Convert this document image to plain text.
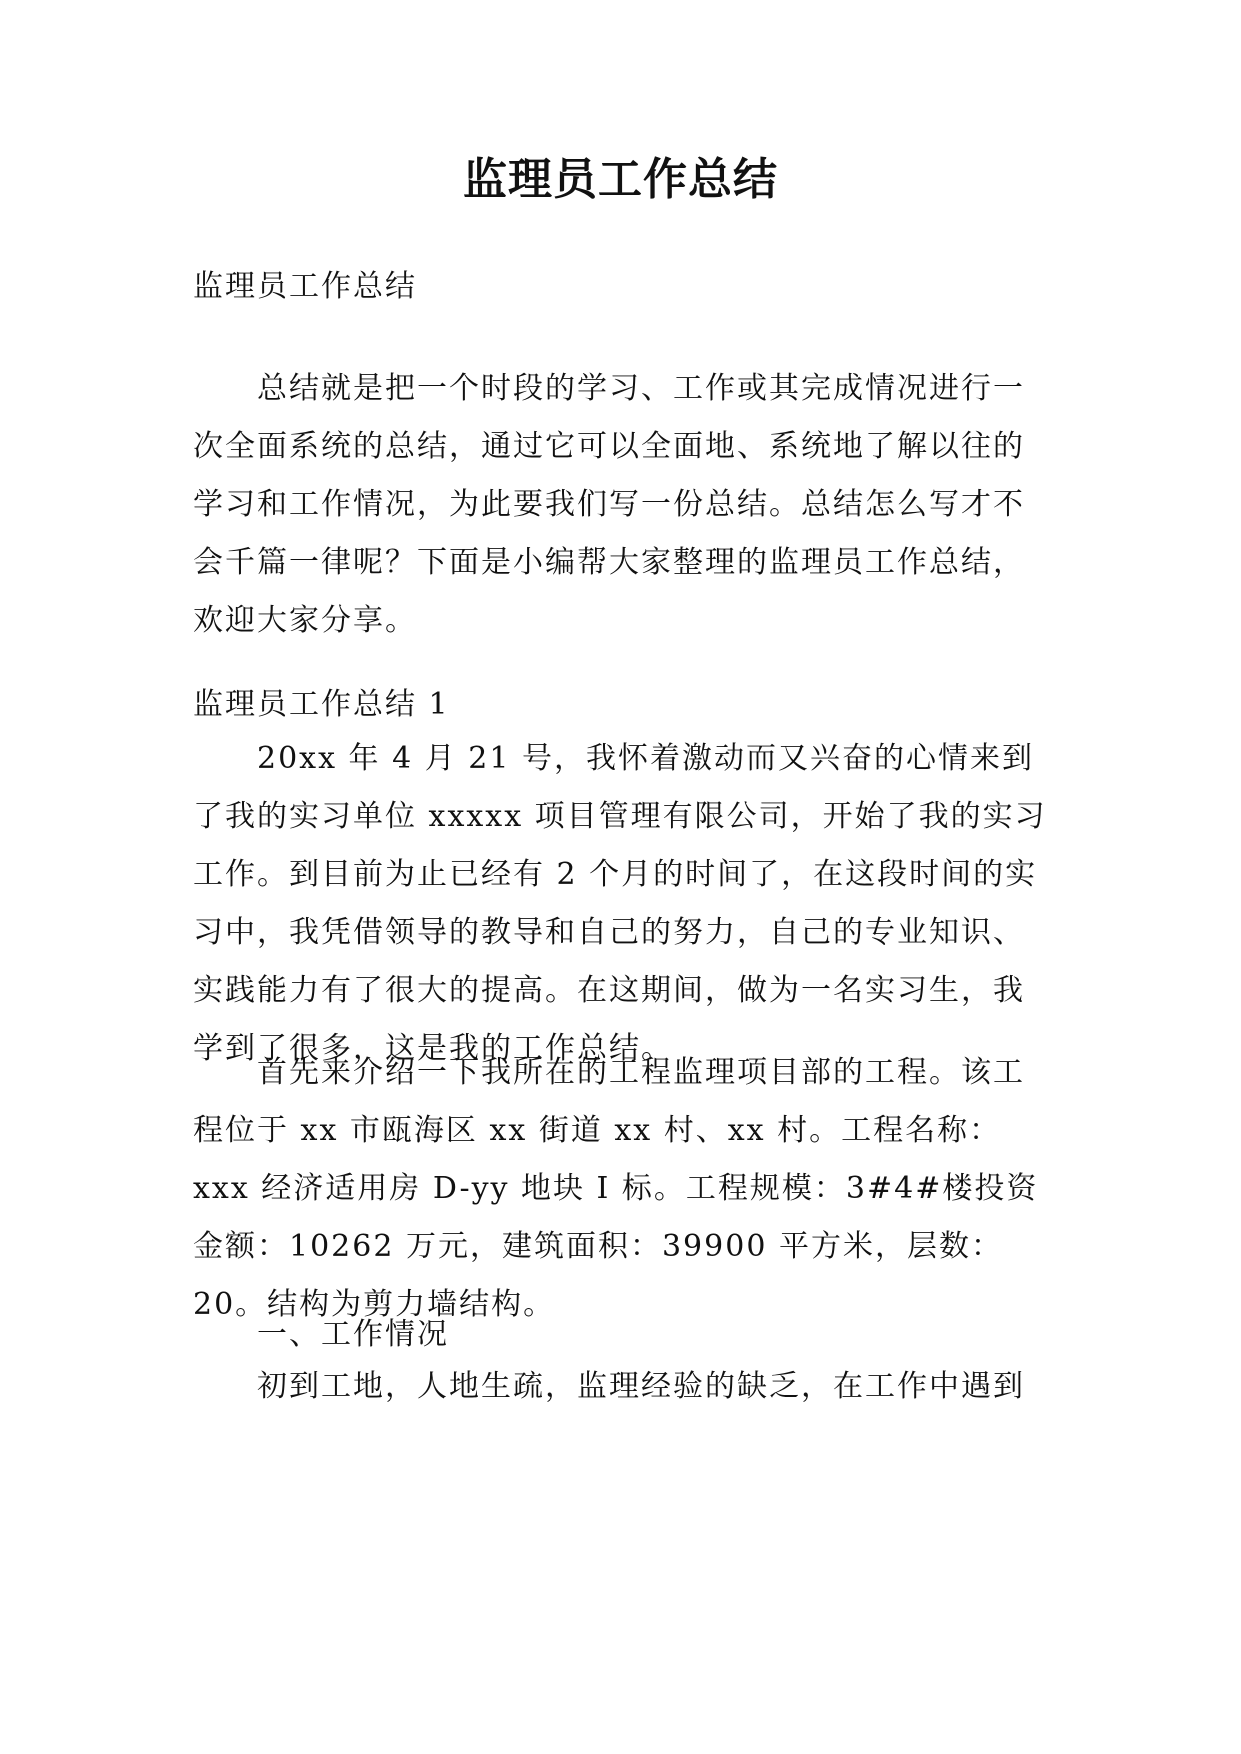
监理员工作总结

监理员工作总结

总结就是把一个时段的学习、工作或其完成情况进行一次全面系统的总结，通过它可以全面地、系统地了解以往的学习和工作情况，为此要我们写一份总结。总结怎么写才不会千篇一律呢？下面是小编帮大家整理的监理员工作总结，欢迎大家分享。

监理员工作总结 1

20xx 年 4 月 21 号，我怀着激动而又兴奋的心情来到了我的实习单位 xxxxx 项目管理有限公司，开始了我的实习工作。到目前为止已经有 2 个月的时间了，在这段时间的实习中，我凭借领导的教导和自己的努力，自己的专业知识、实践能力有了很大的提高。在这期间，做为一名实习生，我学到了很多，这是我的工作总结。

首先来介绍一下我所在的工程监理项目部的工程。该工程位于 xx 市瓯海区 xx 街道 xx 村、xx 村。工程名称：xxx 经济适用房 D-yy 地块 I 标。工程规模：3#4#楼投资金额：10262 万元，建筑面积：39900 平方米，层数：20。结构为剪力墙结构。

一、工作情况

初到工地，人地生疏，监理经验的缺乏，在工作中遇到
